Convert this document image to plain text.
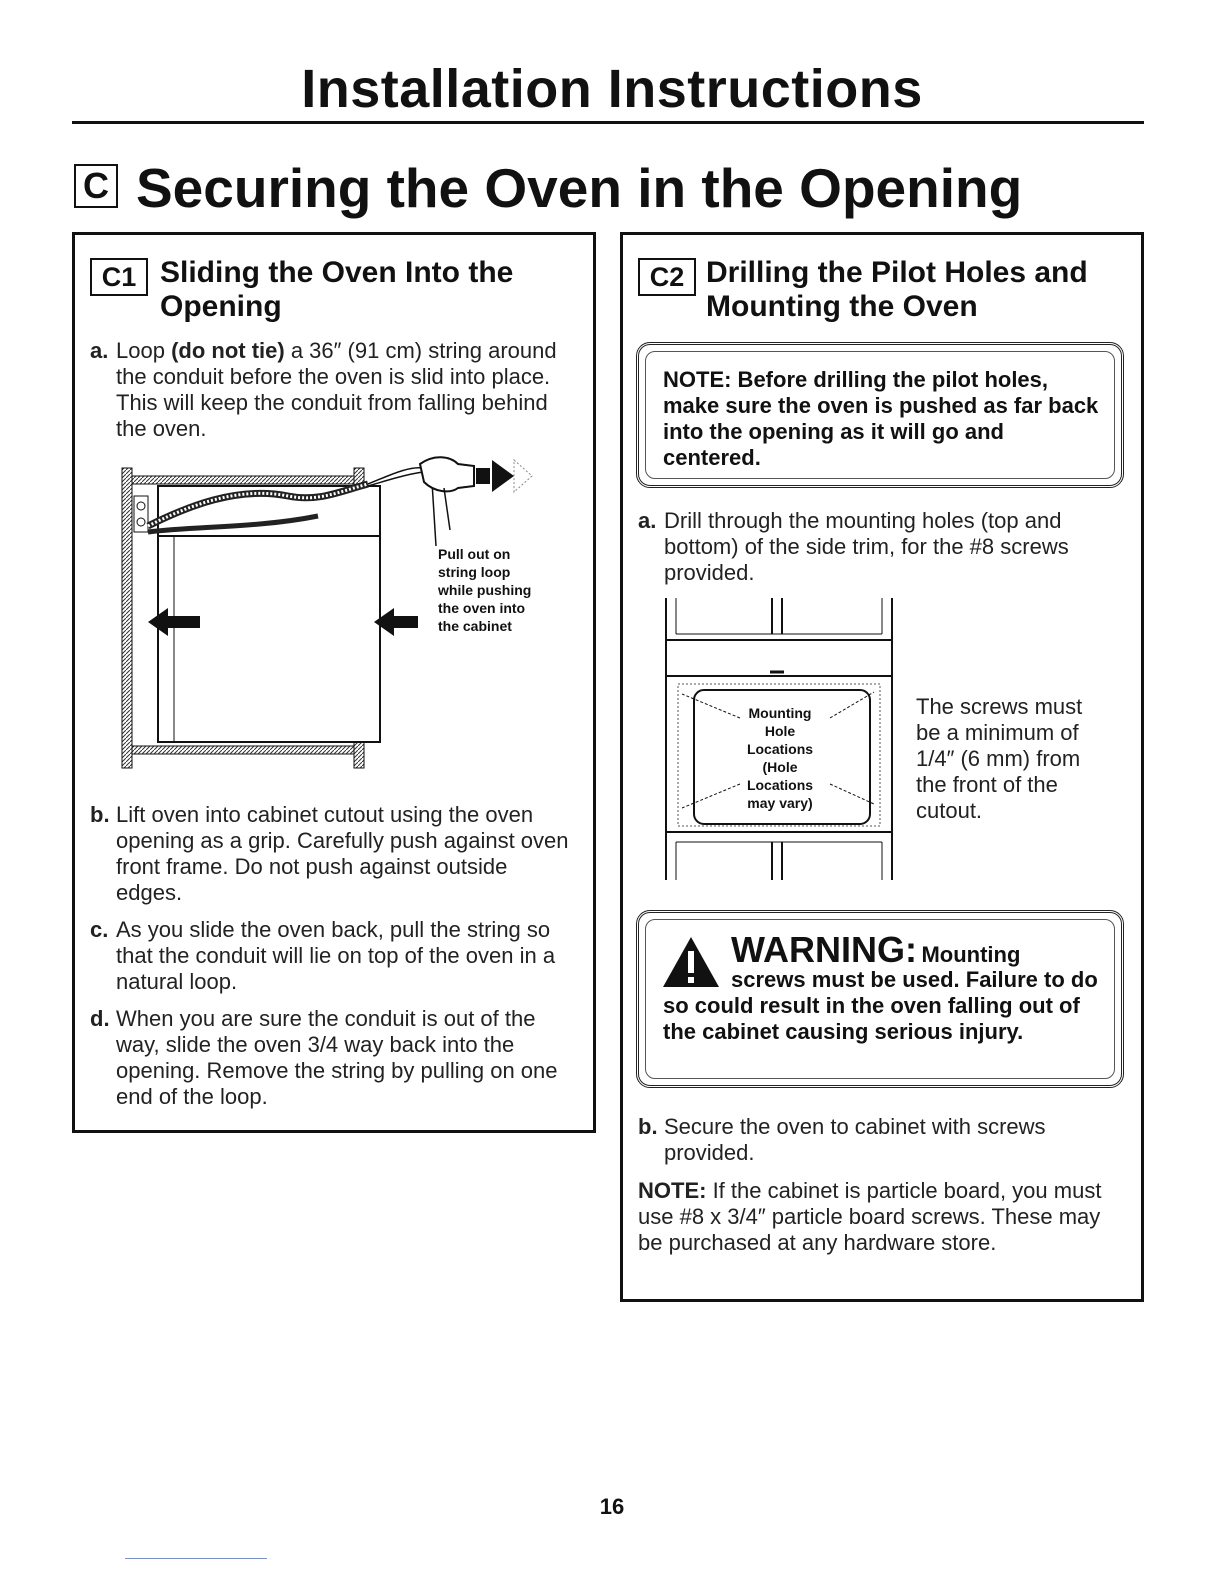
Installation Instructions
C Securing the Oven in the Opening
C1 Sliding the Oven Into the
Opening
a. Loop (do not tie) a 36″ (91 cm) string around the conduit before the oven is slid into place. This will keep the conduit from falling behind the oven.
Pull out on
string loop
while pushing
the oven into
the cabinet
b. Lift oven into cabinet cutout using the oven opening as a grip. Carefully push against oven front frame. Do not push against outside edges.
c. As you slide the oven back, pull the string so that the conduit will lie on top of the oven in a natural loop.
d. When you are sure the conduit is out of the way, slide the oven 3/4 way back into the opening. Remove the string by pulling on one end of the loop.
C2 Drilling the Pilot Holes and
Mounting the Oven
NOTE: Before drilling the pilot holes, make sure the oven is pushed as far back into the opening as it will go and centered.
a. Drill through the mounting holes (top and bottom) of the side trim, for the #8 screws provided.
Mounting
Hole
Locations
(Hole
Locations
may vary)
The screws must be a minimum of 1/4″ (6 mm) from the front of the cutout.
WARNING: Mounting
screws must be used. Failure to do so could result in the oven falling out of the cabinet causing serious injury.
b. Secure the oven to cabinet with screws provided.
NOTE: If the cabinet is particle board, you must use #8 x 3/4″ particle board screws. These may be purchased at any hardware store.
16
